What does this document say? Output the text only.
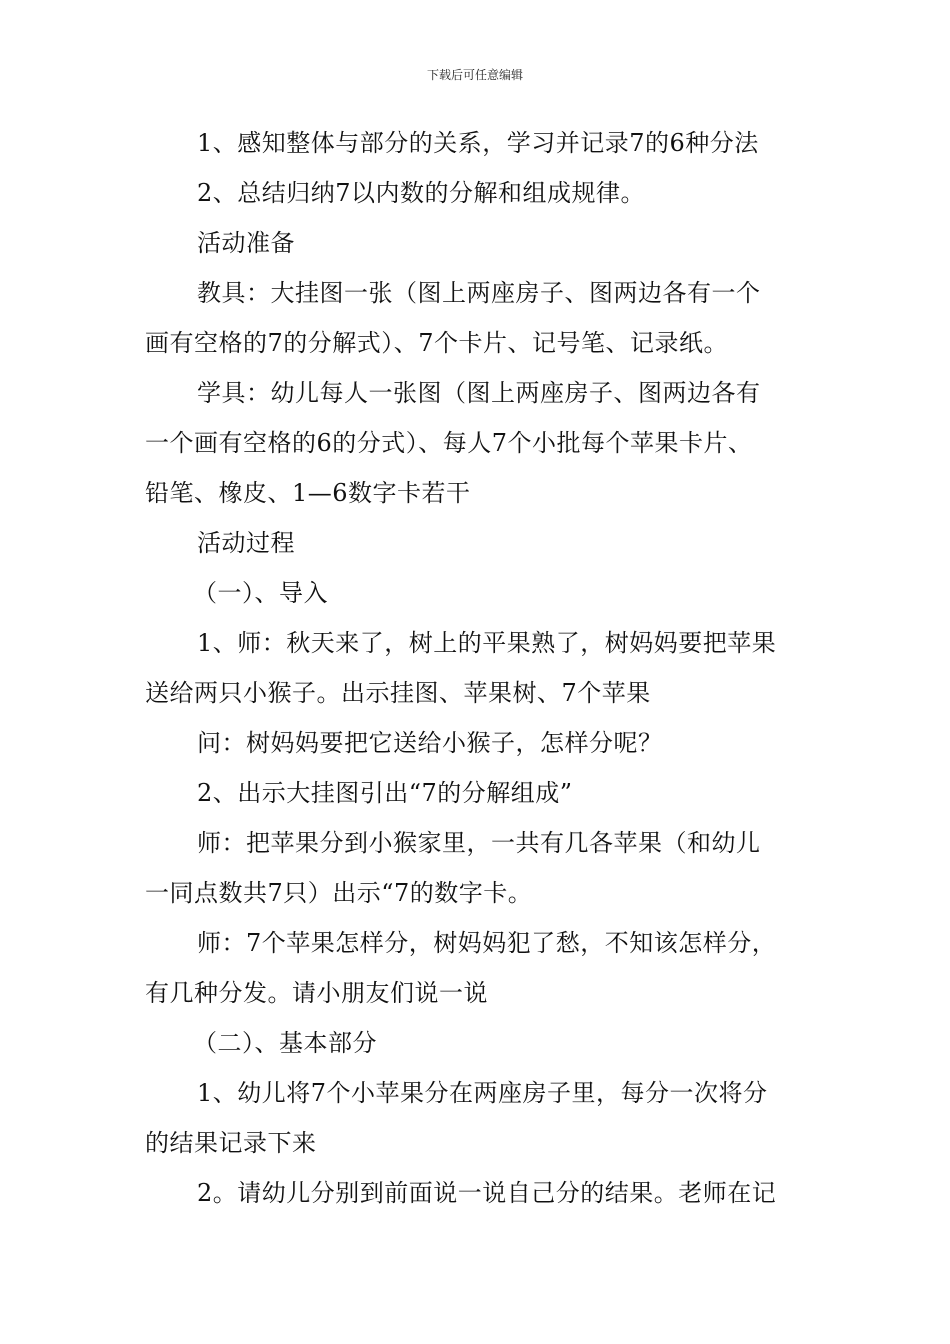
下载后可任意编辑
1、感知整体与部分的关系，学习并记录7的6种分法
2、总结归纳7以内数的分解和组成规律。
活动准备
教具：大挂图一张（图上两座房子、图两边各有一个
画有空格的7的分解式）、7个卡片、记号笔、记录纸。
学具：幼儿每人一张图（图上两座房子、图两边各有
一个画有空格的6的分式）、每人7个小批每个苹果卡片、
铅笔、橡皮、1—6数字卡若干
活动过程
（一）、导入
1、师：秋天来了，树上的平果熟了，树妈妈要把苹果
送给两只小猴子。出示挂图、苹果树、7个苹果
问：树妈妈要把它送给小猴子，怎样分呢？
2、出示大挂图引出“7的分解组成”
师：把苹果分到小猴家里，一共有几各苹果（和幼儿
一同点数共7只）出示“7的数字卡。
师：7个苹果怎样分，树妈妈犯了愁，不知该怎样分，
有几种分发。请小朋友们说一说
（二）、基本部分
1、幼儿将7个小苹果分在两座房子里，每分一次将分
的结果记录下来
2。请幼儿分别到前面说一说自己分的结果。老师在记
